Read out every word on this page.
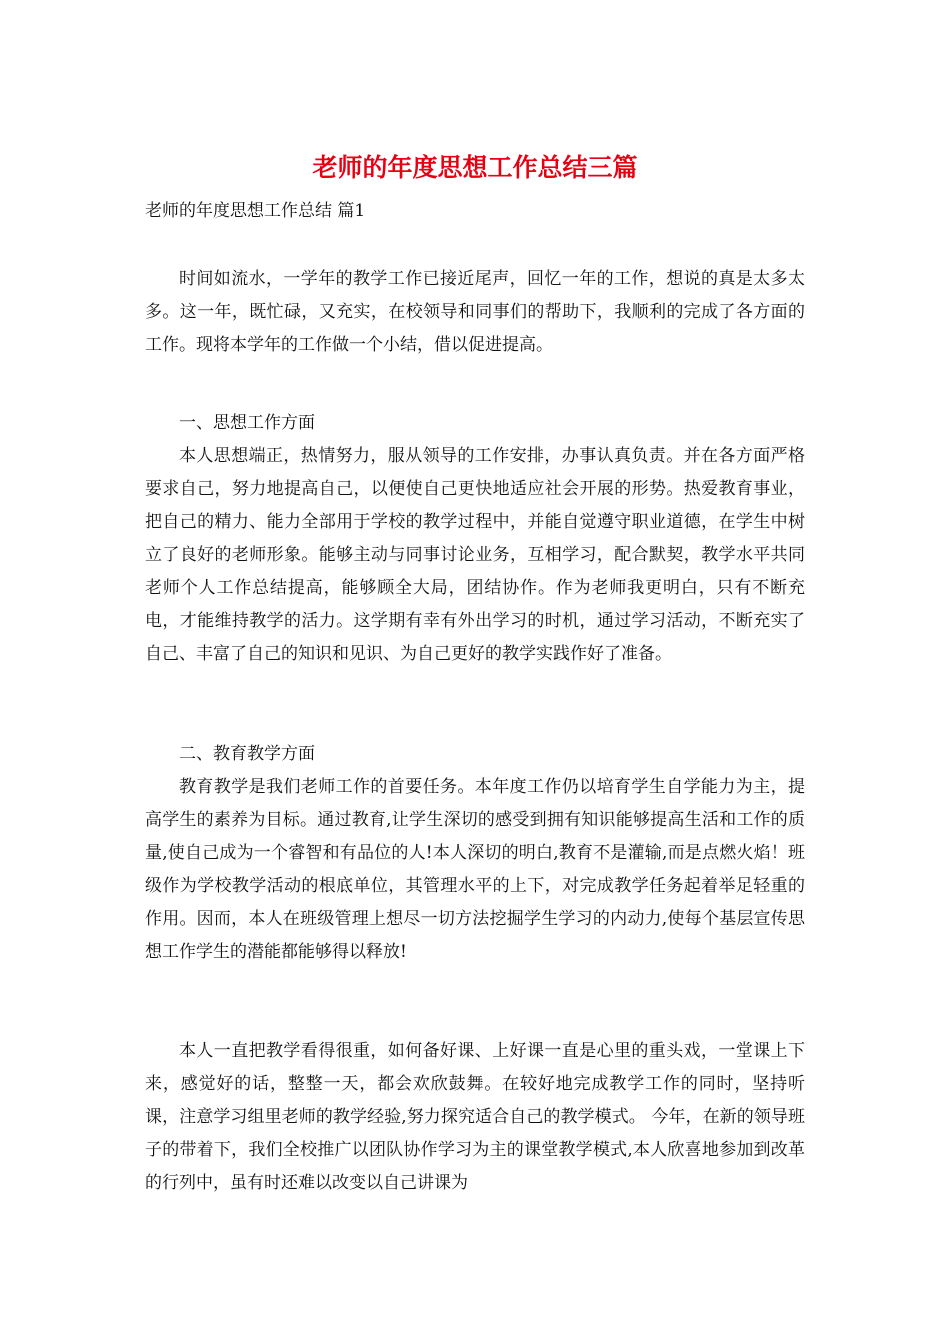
老师的年度思想工作总结三篇

老师的年度思想工作总结 篇1

时间如流水，一学年的教学工作已接近尾声，回忆一年的工作，想说的真是太多太多。这一年，既忙碌，又充实，在校领导和同事们的帮助下，我顺利的完成了各方面的工作。现将本学年的工作做一个小结，借以促进提高。

一、思想工作方面

本人思想端正，热情努力，服从领导的工作安排，办事认真负责。并在各方面严格要求自己，努力地提高自己，以便使自己更快地适应社会开展的形势。热爱教育事业，把自己的精力、能力全部用于学校的教学过程中，并能自觉遵守职业道德，在学生中树立了良好的老师形象。能够主动与同事讨论业务，互相学习，配合默契，教学水平共同老师个人工作总结提高，能够顾全大局，团结协作。作为老师我更明白，只有不断充电，才能维持教学的活力。这学期有幸有外出学习的时机，通过学习活动，不断充实了自己、丰富了自己的知识和见识、为自己更好的教学实践作好了准备。

二、教育教学方面

教育教学是我们老师工作的首要任务。本年度工作仍以培育学生自学能力为主，提高学生的素养为目标。通过教育,让学生深切的感受到拥有知识能够提高生活和工作的质量,使自己成为一个睿智和有品位的人!本人深切的明白,教育不是灌输,而是点燃火焰！班级作为学校教学活动的根底单位，其管理水平的上下，对完成教学任务起着举足轻重的作用。因而，本人在班级管理上想尽一切方法挖掘学生学习的内动力,使每个基层宣传思想工作学生的潜能都能够得以释放!

本人一直把教学看得很重，如何备好课、上好课一直是心里的重头戏，一堂课上下来，感觉好的话，整整一天，都会欢欣鼓舞。在较好地完成教学工作的同时，坚持听课，注意学习组里老师的教学经验,努力探究适合自己的教学模式。 今年，在新的领导班子的带着下，我们全校推广以团队协作学习为主的课堂教学模式,本人欣喜地参加到改革的行列中，虽有时还难以改变以自己讲课为
